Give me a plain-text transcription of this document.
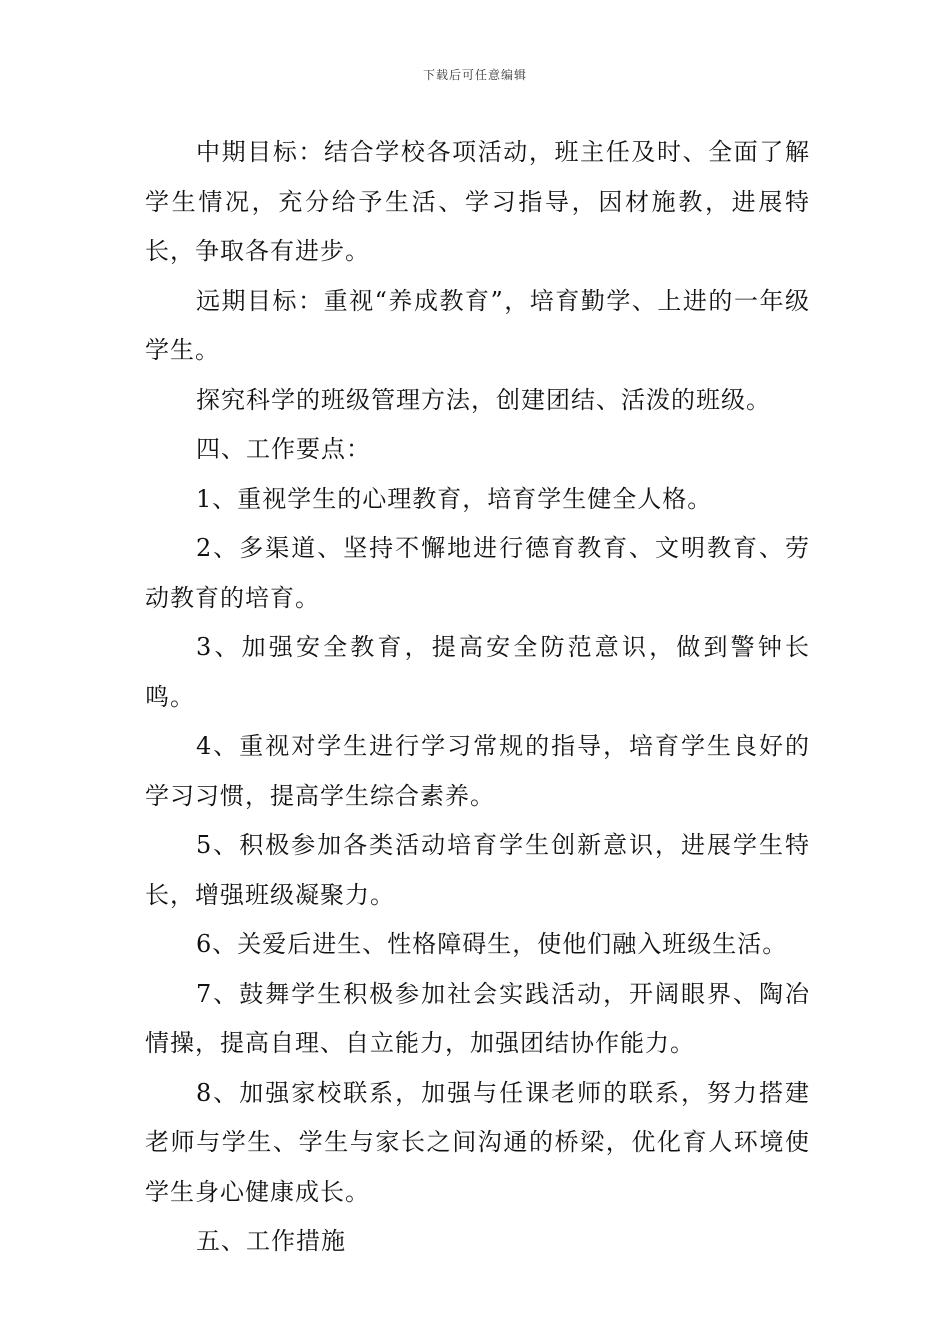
下载后可任意编辑

中期目标：结合学校各项活动，班主任及时、全面了解学生情况，充分给予生活、学习指导，因材施教，进展特长，争取各有进步。

远期目标：重视“养成教育”，培育勤学、上进的一年级学生。

探究科学的班级管理方法，创建团结、活泼的班级。

四、工作要点：

1、重视学生的心理教育，培育学生健全人格。

2、多渠道、坚持不懈地进行德育教育、文明教育、劳动教育的培育。

3、加强安全教育，提高安全防范意识，做到警钟长鸣。

4、重视对学生进行学习常规的指导，培育学生良好的学习习惯，提高学生综合素养。

5、积极参加各类活动培育学生创新意识，进展学生特长，增强班级凝聚力。

6、关爱后进生、性格障碍生，使他们融入班级生活。

7、鼓舞学生积极参加社会实践活动，开阔眼界、陶冶情操，提高自理、自立能力，加强团结协作能力。

8、加强家校联系，加强与任课老师的联系，努力搭建老师与学生、学生与家长之间沟通的桥梁，优化育人环境使学生身心健康成长。

五、工作措施
